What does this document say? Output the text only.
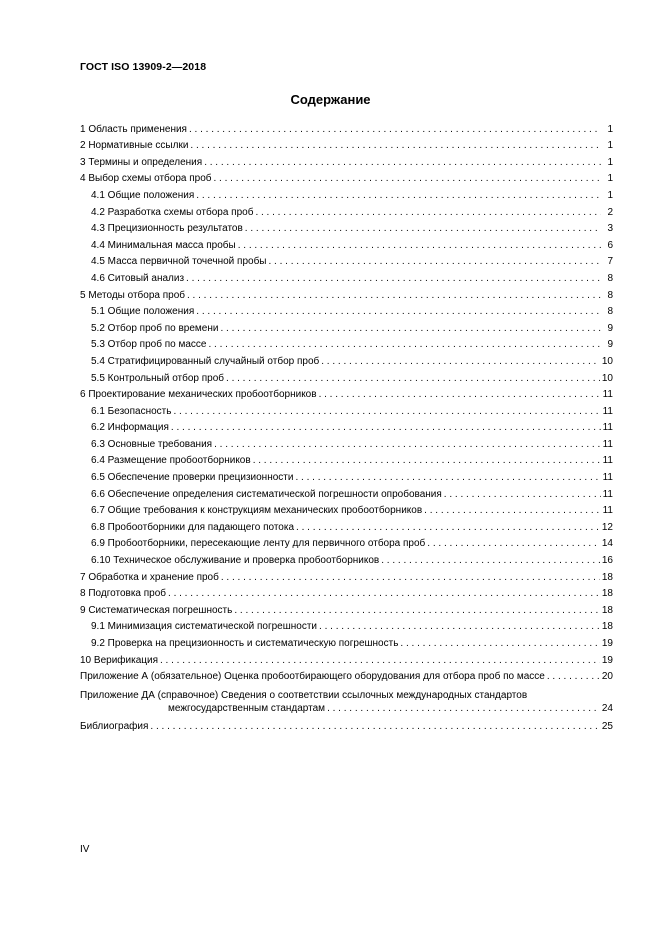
ГОСТ ISO 13909-2—2018
Содержание
1 Область применения . . .	1
2 Нормативные ссылки . . .	1
3 Термины и определения . . .	1
4 Выбор схемы отбора проб . . .	1
4.1 Общие положения . . .	1
4.2 Разработка схемы отбора проб . . .	2
4.3 Прецизионность результатов . . .	3
4.4 Минимальная масса пробы . . .	6
4.5 Масса первичной точечной пробы . . .	7
4.6 Ситовый анализ . . .	8
5 Методы отбора проб . . .	8
5.1 Общие положения . . .	8
5.2 Отбор проб по времени . . .	9
5.3 Отбор проб по массе . . .	9
5.4 Стратифицированный случайный отбор проб . . .	10
5.5 Контрольный отбор проб . . .	10
6 Проектирование механических пробоотборников . . .	11
6.1 Безопасность . . .	11
6.2 Информация . . .	11
6.3 Основные требования . . .	11
6.4 Размещение пробоотборников . . .	11
6.5 Обеспечение проверки прецизионности . . .	11
6.6 Обеспечение определения систематической погрешности опробования . . .	11
6.7 Общие требования к конструкциям механических пробоотборников . . .	11
6.8 Пробоотборники для падающего потока . . .	12
6.9 Пробоотборники, пересекающие ленту для первичного отбора проб . . .	14
6.10 Техническое обслуживание и проверка пробоотборников . . .	16
7 Обработка и хранение проб . . .	18
8 Подготовка проб . . .	18
9 Систематическая погрешность . . .	18
9.1 Минимизация систематической погрешности . . .	18
9.2 Проверка на прецизионность и систематическую погрешность . . .	19
10 Верификация . . .	19
Приложение А (обязательное) Оценка пробоотбирающего оборудования для отбора проб по массе . . .	20
Приложение ДА (справочное) Сведения о соответствии ссылочных международных стандартов
межгосударственным стандартам . . .	24
Библиография . . .	25
IV
